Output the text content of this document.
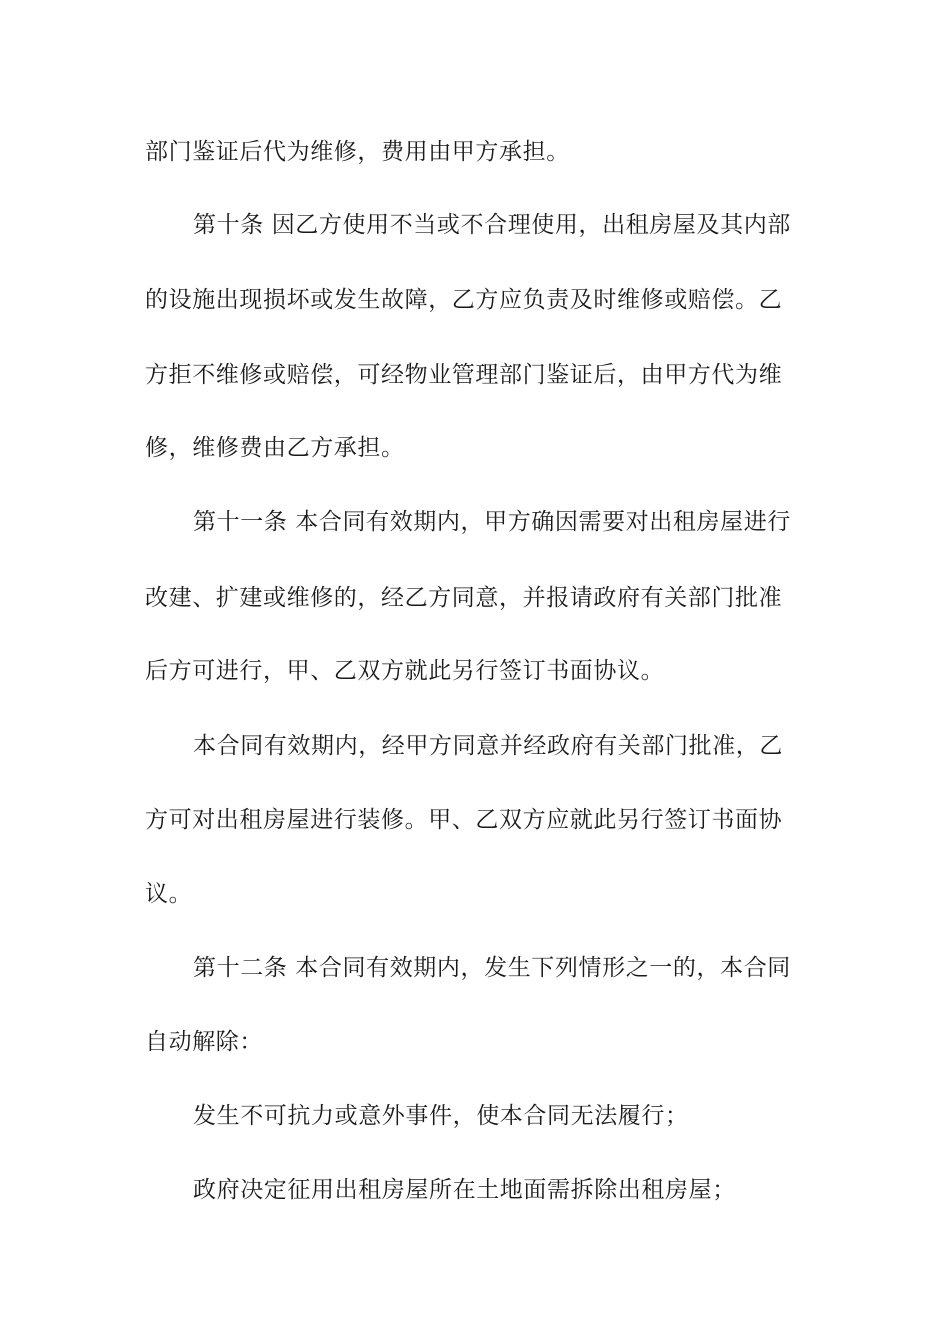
部门鉴证后代为维修，费用由甲方承担。
第十条 因乙方使用不当或不合理使用，出租房屋及其内部
的设施出现损坏或发生故障，乙方应负责及时维修或赔偿。乙
方拒不维修或赔偿，可经物业管理部门鉴证后，由甲方代为维
修，维修费由乙方承担。
第十一条 本合同有效期内，甲方确因需要对出租房屋进行
改建、扩建或维修的，经乙方同意，并报请政府有关部门批准
后方可进行，甲、乙双方就此另行签订书面协议。
本合同有效期内，经甲方同意并经政府有关部门批准，乙
方可对出租房屋进行装修。甲、乙双方应就此另行签订书面协
议。
第十二条 本合同有效期内，发生下列情形之一的，本合同
自动解除：
发生不可抗力或意外事件，使本合同无法履行；
政府决定征用出租房屋所在土地面需拆除出租房屋；
